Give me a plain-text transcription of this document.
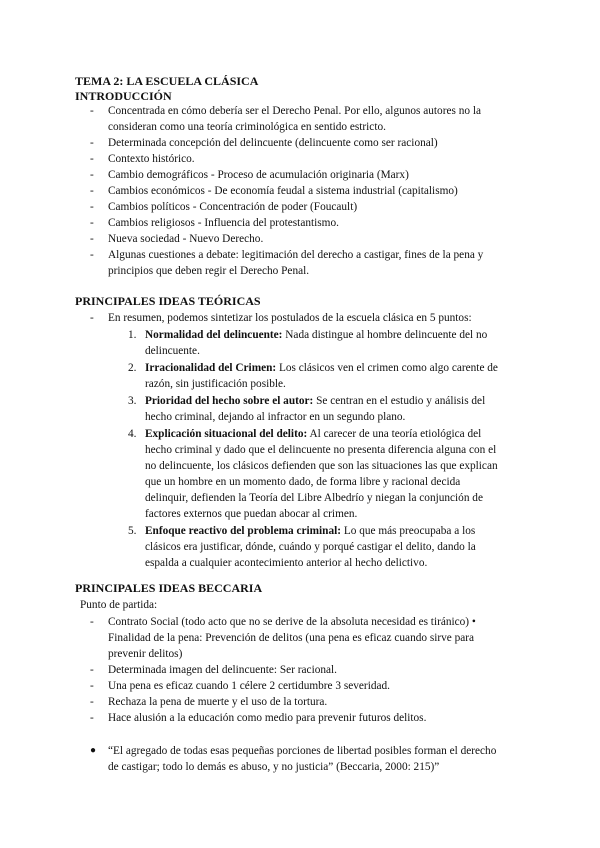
TEMA 2: LA ESCUELA CLÁSICA
INTRODUCCIÓN
- Concentrada en cómo debería ser el Derecho Penal. Por ello, algunos autores no la
consideran como una teoría criminológica en sentido estricto.
- Determinada concepción del delincuente (delincuente como ser racional)
- Contexto histórico.
- Cambio demográficos - Proceso de acumulación originaria (Marx)
- Cambios económicos - De economía feudal a sistema industrial (capitalismo)
- Cambios políticos - Concentración de poder (Foucault)
- Cambios religiosos - Influencia del protestantismo.
- Nueva sociedad - Nuevo Derecho.
- Algunas cuestiones a debate: legitimación del derecho a castigar, fines de la pena y
principios que deben regir el Derecho Penal.
PRINCIPALES IDEAS TEÓRICAS
- En resumen, podemos sintetizar los postulados de la escuela clásica en 5 puntos:
1. Normalidad del delincuente: Nada distingue al hombre delincuente del no
delincuente.
2. Irracionalidad del Crimen: Los clásicos ven el crimen como algo carente de
razón, sin justificación posible.
3. Prioridad del hecho sobre el autor: Se centran en el estudio y análisis del
hecho criminal, dejando al infractor en un segundo plano.
4. Explicación situacional del delito: Al carecer de una teoría etiológica del
hecho criminal y dado que el delincuente no presenta diferencia alguna con el
no delincuente, los clásicos defienden que son las situaciones las que explican
que un hombre en un momento dado, de forma libre y racional decida
delinquir, defienden la Teoría del Libre Albedrío y niegan la conjunción de
factores externos que puedan abocar al crimen.
5. Enfoque reactivo del problema criminal: Lo que más preocupaba a los
clásicos era justificar, dónde, cuándo y porqué castigar el delito, dando la
espalda a cualquier acontecimiento anterior al hecho delictivo.
PRINCIPALES IDEAS BECCARIA
Punto de partida:
- Contrato Social (todo acto que no se derive de la absoluta necesidad es tiránico) •
Finalidad de la pena: Prevención de delitos (una pena es eficaz cuando sirve para
prevenir delitos)
- Determinada imagen del delincuente: Ser racional.
- Una pena es eficaz cuando 1 célere 2 certidumbre 3 severidad.
- Rechaza la pena de muerte y el uso de la tortura.
- Hace alusión a la educación como medio para prevenir futuros delitos.
● “El agregado de todas esas pequeñas porciones de libertad posibles forman el derecho
de castigar; todo lo demás es abuso, y no justicia” (Beccaria, 2000: 215)”
